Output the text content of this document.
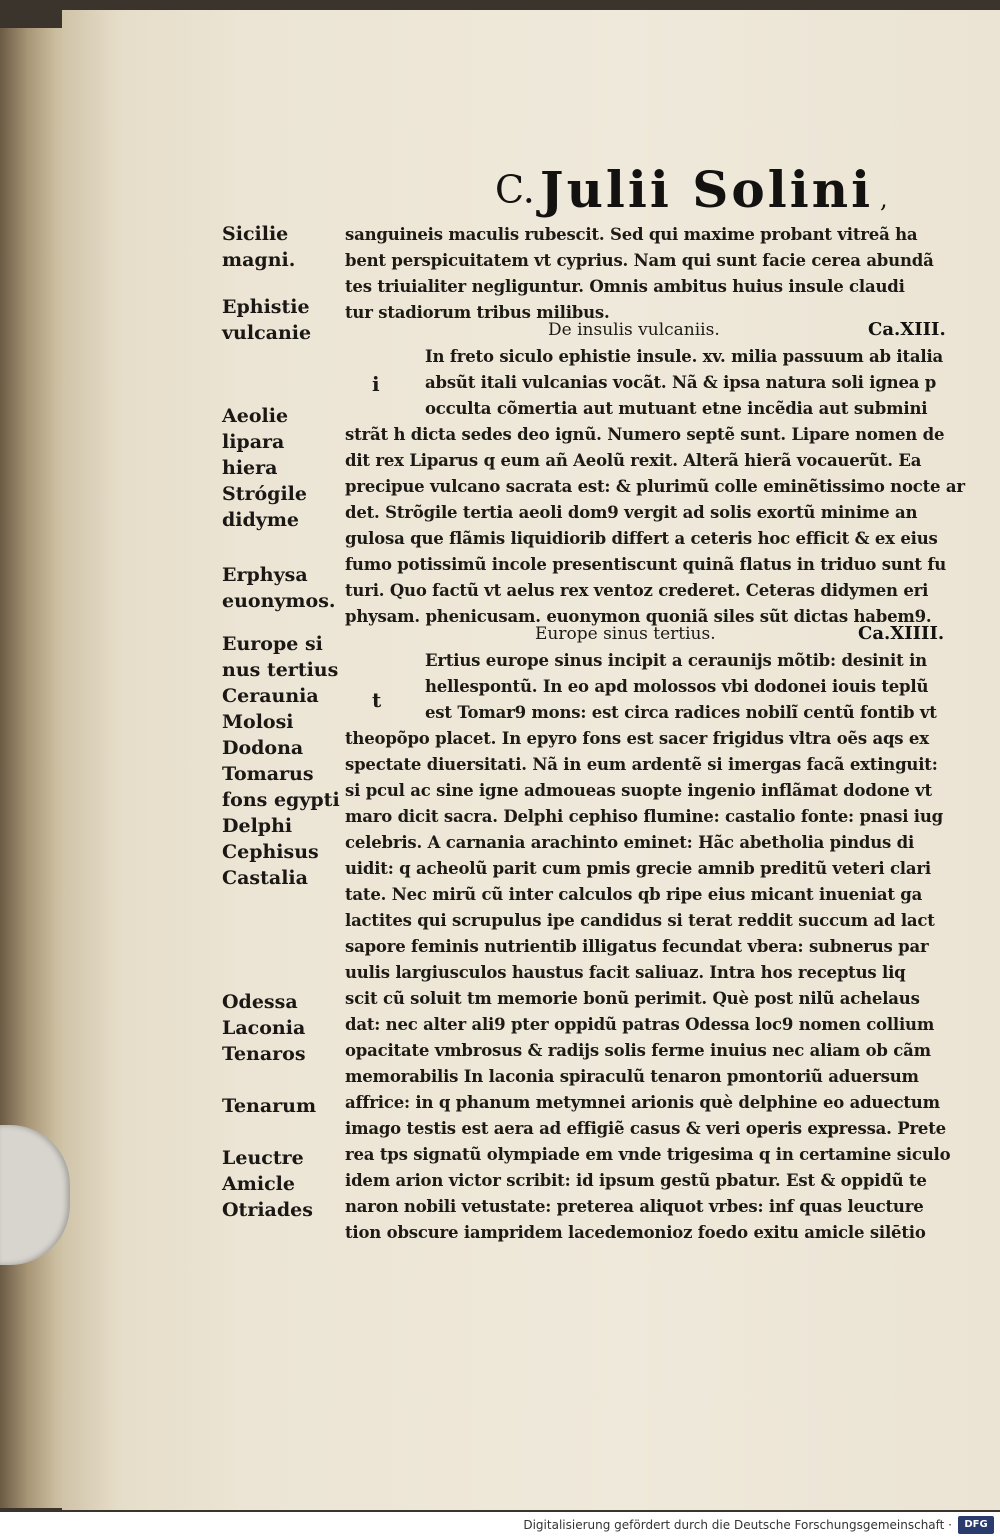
C. Julii Solini ,
Sicilie
magni.
Ephistie
vulcanie
Aeolie
lipara
hiera
Strógile
didyme
Erphysa
euonymos.
Europe si
nus tertius
Ceraunia
Molosi
Dodona
Tomarus
fons egypti
Delphi
Cephisus
Castalia
Odessa
Laconia
Tenaros
Tenarum
Leuctre
Amicle
Otriades
sanguineis maculis rubescit. Sed qui maxime probant vitreã ha
bent perspicuitatem vt cyprius. Nam qui sunt facie cerea abundã
tes triuialiter negliguntur. Omnis ambitus huius insule claudi
tur stadiorum tribus milibus.
De insulis vulcaniis.	Ca.XIII.
In freto siculo ephistie insule. xv. milia passuum ab italia
i	absũt itali vulcanias vocãt. Nã & ipsa natura soli ignea p
occulta cõmertia aut mutuant etne incẽdia aut submini
strãt h dicta sedes deo ignũ. Numero septẽ sunt. Lipare nomen de
dit rex Liparus q eum añ Aeolũ rexit. Alterã hierã vocauerũt. Ea
precipue vulcano sacrata est: & plurimũ colle eminẽtissimo nocte ar
det. Strõgile tertia aeoli dom9 vergit ad solis exortũ minime an
gulosa que flãmis liquidiorib differt a ceteris hoc efficit & ex eius
fumo potissimũ incole presentiscunt quinã flatus in triduo sunt fu
turi. Quo factũ vt aelus rex ventoz crederet. Ceteras didymen eri
physam. phenicusam. euonymon quoniã siles sũt dictas habem9.
Europe sinus tertius.	Ca.XIIII.
Ertius europe sinus incipit a ceraunijs mõtib: desinit in
t
hellespontũ. In eo apd molossos vbi dodonei iouis teplũ
est Tomar9 mons: est circa radices nobilĩ centũ fontib vt
theopõpo placet. In epyro fons est sacer frigidus vltra oẽs aqs ex
spectate diuersitati. Nã in eum ardentẽ si imergas facã extinguit:
si pcul ac sine igne admoueas suopte ingenio inflãmat dodone vt
maro dicit sacra. Delphi cephiso flumine: castalio fonte: pnasi iug
celebris. A carnania arachinto eminet: Hãc abetholia pindus di
uidit: q acheolũ parit cum pmis grecie amnib preditũ veteri clari
tate. Nec mirũ cũ inter calculos qb ripe eius micant inueniat ga
lactites qui scrupulus ipe candidus si terat reddit succum ad lact
sapore feminis nutrientib illigatus fecundat vbera: subnerus par
uulis largiusculos haustus facit saliuaz. Intra hos receptus liq
scit cũ soluit tm memorie bonũ perimit. Què post nilũ achelaus
dat: nec alter ali9 pter oppidũ patras Odessa loc9 nomen collium
opacitate vmbrosus & radijs solis ferme inuius nec aliam ob cãm
memorabilis In laconia spiraculũ tenaron pmontoriũ aduersum
affrice: in q phanum metymnei arionis què delphine eo aduectum
imago testis est aera ad effigiẽ casus & veri operis expressa. Prete
rea tps signatũ olympiade em vnde trigesima q in certamine siculo
idem arion victor scribit: id ipsum gestũ pbatur. Est & oppidũ te
naron nobili vetustate: preterea aliquot vrbes: inf quas leucture
tion obscure iampridem lacedemonioz foedo exitu amicle silētio
Digitalisierung gefördert durch die Deutsche Forschungsgemeinschaft ·	DFG
